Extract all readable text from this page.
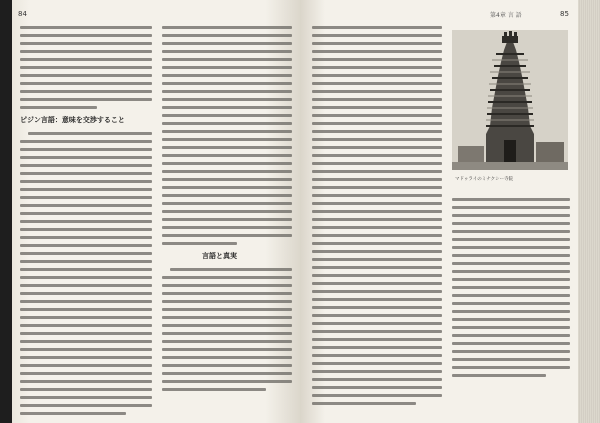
84
ピジン言語：意味を交渉すること
言語と真実
第4章 言 語	85
マドゥライのミナクシー寺院
